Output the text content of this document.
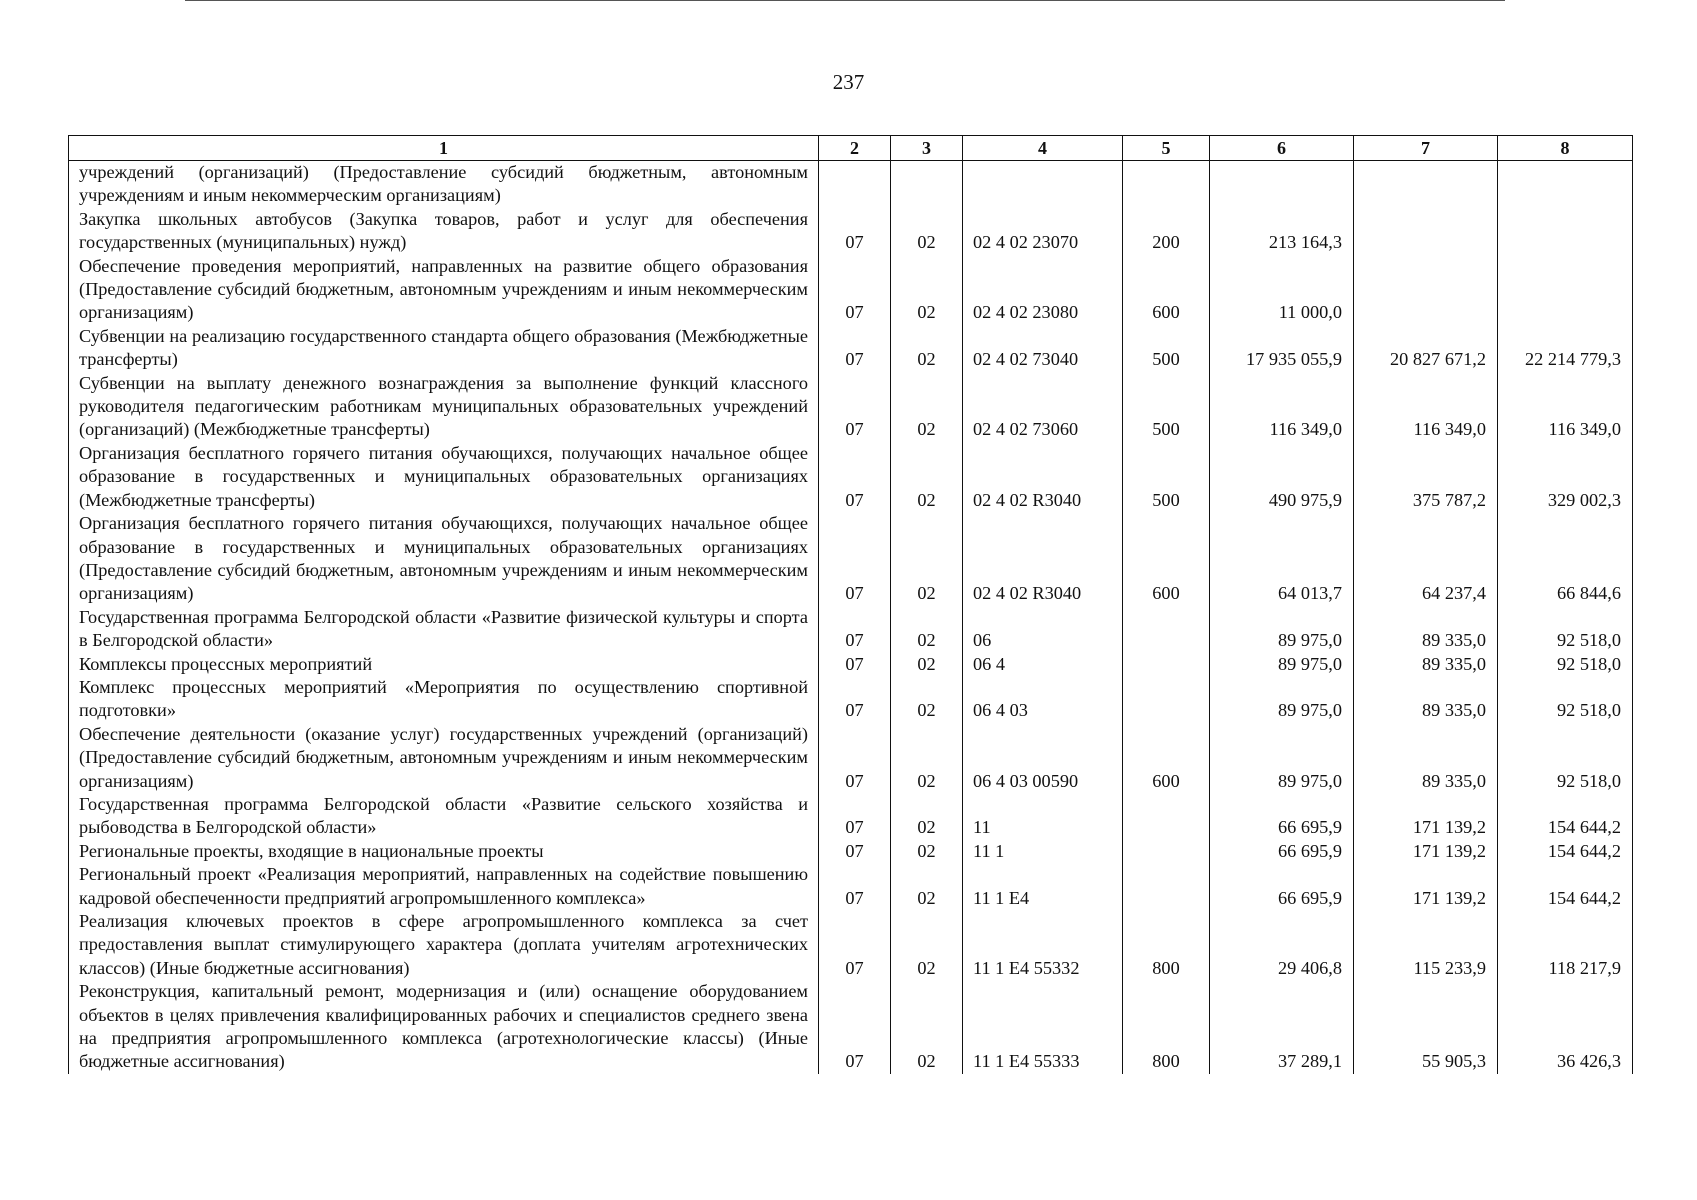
237
1	2	3	4	5	6	7	8
учреждений (организаций) (Предоставление субсидий бюджетным, автономным учреждениям и иным некоммерческим организациям)							
Закупка школьных автобусов (Закупка товаров, работ и услуг для обеспечения государственных (муниципальных) нужд)	07	02	02 4 02 23070	200	213 164,3		
Обеспечение проведения мероприятий, направленных на развитие общего образования (Предоставление субсидий бюджетным, автономным учреждениям и иным некоммерческим организациям)	07	02	02 4 02 23080	600	11 000,0		
Субвенции на реализацию государственного стандарта общего образования (Межбюджетные трансферты)	07	02	02 4 02 73040	500	17 935 055,9	20 827 671,2	22 214 779,3
Субвенции на выплату денежного вознаграждения за выполнение функций классного руководителя педагогическим работникам муниципальных образовательных учреждений (организаций) (Межбюджетные трансферты)	07	02	02 4 02 73060	500	116 349,0	116 349,0	116 349,0
Организация бесплатного горячего питания обучающихся, получающих начальное общее образование в государственных и муниципальных образовательных организациях (Межбюджетные трансферты)	07	02	02 4 02 R3040	500	490 975,9	375 787,2	329 002,3
Организация бесплатного горячего питания обучающихся, получающих начальное общее образование в государственных и муниципальных образовательных организациях (Предоставление субсидий бюджетным, автономным учреждениям и иным некоммерческим организациям)	07	02	02 4 02 R3040	600	64 013,7	64 237,4	66 844,6
Государственная программа Белгородской области «Развитие физической культуры и спорта в Белгородской области»	07	02	06		89 975,0	89 335,0	92 518,0
Комплексы процессных мероприятий	07	02	06 4		89 975,0	89 335,0	92 518,0
Комплекс процессных мероприятий «Мероприятия по осуществлению спортивной подготовки»	07	02	06 4 03		89 975,0	89 335,0	92 518,0
Обеспечение деятельности (оказание услуг) государственных учреждений (организаций) (Предоставление субсидий бюджетным, автономным учреждениям и иным некоммерческим организациям)	07	02	06 4 03 00590	600	89 975,0	89 335,0	92 518,0
Государственная программа Белгородской области «Развитие сельского хозяйства и рыбоводства в Белгородской области»	07	02	11		66 695,9	171 139,2	154 644,2
Региональные проекты, входящие в национальные проекты	07	02	11 1		66 695,9	171 139,2	154 644,2
Региональный проект «Реализация мероприятий, направленных на содействие повышению кадровой обеспеченности предприятий агропромышленного комплекса»	07	02	11 1 E4		66 695,9	171 139,2	154 644,2
Реализация ключевых проектов в сфере агропромышленного комплекса за счет предоставления выплат стимулирующего характера (доплата учителям агротехнических классов) (Иные бюджетные ассигнования)	07	02	11 1 E4 55332	800	29 406,8	115 233,9	118 217,9
Реконструкция, капитальный ремонт, модернизация и (или) оснащение оборудованием объектов в целях привлечения квалифицированных рабочих и специалистов среднего звена на предприятия агропромышленного комплекса (агротехнологические классы) (Иные бюджетные ассигнования)	07	02	11 1 E4 55333	800	37 289,1	55 905,3	36 426,3
